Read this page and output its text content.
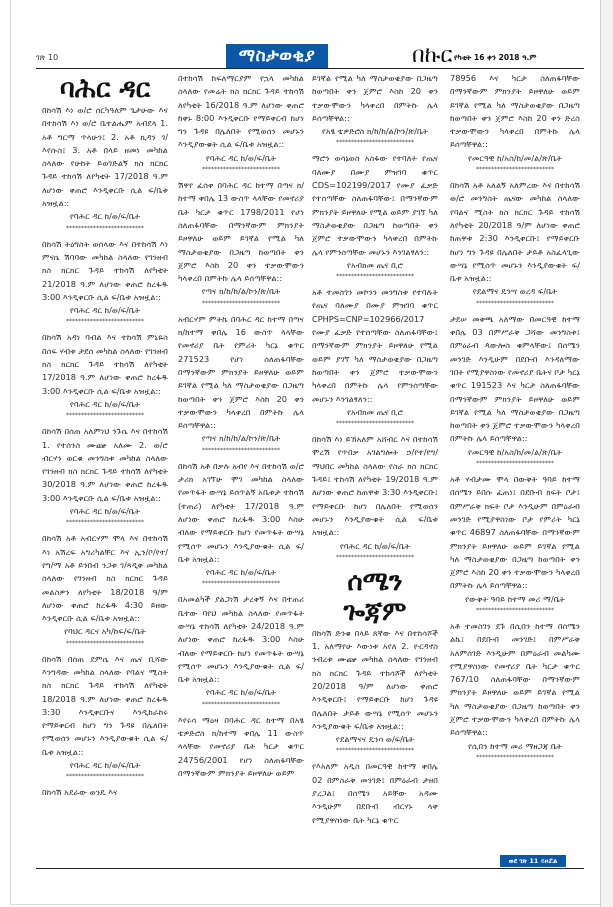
ገጽ 10	ማስታወቂያ	በኩር የካቲት 16 ቀን 2018 ዓ.ም
ባሕር ዳር

በከሳሽ እነ ወ/ሮ ሰርካዓለም ጌታሁው እና በተከሳሽ እነ ወ/ሮ ቤተልሔም አብደላ 1. አቶ ግርማ ጥላሁን፤ 2. አቶ ኪዳን ገ/እየሱስ፤ 3. አቶ በላይ ዘመነ መካከል ስላለው የሁከት ይወገድልኝ ክስ ክርክር ጉዳይ ተከሳሽ ለየካቲት 17/2018 ዓ.ም ለሆነው ቀጠሮ እንዲቀርቡ ሲል ፍ/ቤቱ አዝዟል::

የባሕር ዳር ከ/ወ/ፍ/ቤት
**************************

በከሳሽ ትዕግስት ወሰላው እና በተከሳሽ እነ ምናሴ ሽባባው መካከል ስላለው የገንዘብ ክስ ክርክር ጉዳይ ተከሳሽ ለየካቲት 21/2018 ዓ.ም ለሆነው ቀጠሮ ከረፋዱ 3:00 እንዲቀርቡ ሲል ፍ/ቤቱ አዝዟል::

የባሕር ዳር ከ/ወ/ፍ/ቤት
**************************

በከሳሽ አዳነ ባብል እና ተከሳሽ ምኒዬስ በሰፍ ሃብቱ ታደሰ መካከል ስላለው የገንዘብ ክስ ክርክር ጉዳይ ተከሳሽ ለየካቲት 17/2018 ዓ.ም ለሆነው ቀጠሮ ከረፋዱ 3:00 እንዲቀርቡ ሲል ፍ/ቤቱ አዝዟል::

የባሕር ዳር ከ/ወ/ፍ/ቤት
**************************

በከሳሽ በሰጠ አለምነህ ንጉሴ እና በተከሳሽ 1. የተሰንስ ሙጬ አለሙ 2. ወ/ሮ ብርሃን ወርቁ መንግስቱ መካከል ስላለው የገንዘብ ክስ ክርክር ጉዳይ ተከሳሽ ለየካቲት 30/2018 ዓ.ም ለሆነው ቀጠሮ ከረፋዱ 3:00 እንዲቀርቡ ሲል ፍ/ቤቱ አዝዟል::

የባሕር ዳር ከ/ወ/ፍ/ቤት
**************************

በከሳሽ አቶ አብርሃም ሞላ እና በተከሳሽ እነ አሽረፍ አግሪካልቸር እና ኢን/ቦ/የተ/የግ/ማ አቶ ይንበብ ንጋቱ ገ/ጻዲቅ መካከል ስላለው የገንዘብ ክስ ክርክር ጉዳይ መልስዎን ለየካቲት 18/2018 ዓ/ም ለሆነው ቀጠሮ ከረፋዱ 4:30 ይዘው እንዲቀርቡ ሲል ፍ/ቤቱ አዝዟል::

የባህር ዳርና አካ/ከፍ/ፍ/ቤት
**************************

በከሳሽ በሰጠ ደምሴ እና ጤና ቢሻው እንግዳው መካከል ስላለው የባልና ሚስት ክስ ክርክር ጉዳይ ተከሳሽ ለየካቲት 18/2018 ዓ.ም ለሆነው ቀጠሮ ከረፋዱ 3:30 እንዲቀርቡና እንዲከራከሩ የማይቀርብ ከሆነ ግን ጉዳዩ በሌለበት የሚወሰን መሆኑን እንዲያውቁት ሲል ፍ/ቤቱ አዝዟል::

የባሕር ዳር ከ/ወ/ፍ/ቤት
**************************

በከሳሽ አደራው ወንዴ እና

በተከሳሽ ከፍለማርያም የኋላ መካከል ስላለው የመሬት ክስ ክርክር ጉዳይ ተከሳሽ ለየካቲት 16/2018 ዓ.ም ለሆነው ቀጠሮ ከቀኑ 8:00 እንዲቀርቡ የማይቀርብ ከሆነ ግን ጉዳዩ በሌለበት የሚወሰን መሆኑን እንዲያውቁት ሲል ፍ/ቤቱ አዝዟል::

የባሕር ዳር ከ/ወ/ፍ/ቤት
**************************

ሽዋየ ፈሰቀ በባሕር ዳር ከተማ በጣና ክ/ከተማ ቀበሌ 13 ውስጥ ላላቸው የመኖሪያ ቤት ካርታ ቁጥር 1798/2011 የሆነ ስለጠፋባቸው በማንኛውም ምክንያት ይዞዋለሁ ወይም ይገኛል የሚል ካለ ማስታወቂያው በጋዜጣ ከወጣበት ቀን ጀምሮ እስከ 20 ቀን ተቃውሞውን ካላቀረበ በምትኩ ሌላ ይሰጣቸዋል::

የጣና ክ/ከ/ከ/ል/ኮን/ጽ/ቤት
**************************

አብርሃም ምትኬ በባሕር ዳር ከተማ በጣና ክ/ከተማ ቀበሌ 16 ውስጥ ላላቸው የመኖሪያ ቤት የምሪት ካርኔ ቁጥር 271523 የሆነ ስለጠፋባቸው በማንኛውም ምክንያት ይዞዋለሁ ወይም ይገኛል የሚል ካለ ማስታወቂያው በጋዜጣ ከወጣበት ቀን ጀምሮ እስከ 20 ቀን ተቃውሞውን ካላቀረበ በምትኩ ሌላ ይሰጣቸዋል::

የጣና ክ/ከ/ከ/ል/ኮን/ጽ/ቤት
**************************

በከሳሽ አቶ በቃሉ አብየ እና በተከሳሽ ወ/ሮ ታሪክ አገኘሁ ሞገ መካከል ስላለው የመጥፋት ውሣኔ ይሰጥልኝ አቤቱታ ተከሳሽ (ተጠሪ) ለየካቲት 17/2018 ዓ.ም ለሆነው ቀጠሮ ከረፋዱ 3:00 እስሁ ብለው የማይቀርቡ ከሆነ የመጥፋት ውሣኔ የሚሰጥ መሆኑን እንዲያውቁት ሲል ፍ/ቤቱ አዝዟል::

የባሕር ዳር ከ/ወ/ፍ/ቤት
**************************

በአመልካች ያልጋነሽ ታረቀኝ እና በተጠሪ ቤተው ባየህ መካከል ስላለው የመጥፋት ውሣኔ ተከሳሽ ለየካቲት 24/2018 ዓ.ም ለሆነው ቀጠሮ ከረፋዱ 3:00 እስሁ ብለው የማይቀርቡ ከሆነ የመጥፋት ውሣኔ የሚሰጥ መሆኑን እንዲያውቁት ሲል ፍ/ቤቱ አዝዟል::

የባሕር ዳር ከ/ወ/ፍ/ቤት
**************************

እየሩሳ ማዕዛ በባሕር ዳር ከተማ በአፄ ቴዎድሮስ ክ/ከተማ ቀበሌ 11 ውስጥ ላላቸው የመኖሪያ ቤት ካርታ ቁጥር 24756/2001 የሆነ ስለጠፋባቸው በማንኛውም ምክንያት ይዞዋለሁ ወይም

ይገኛል የሚል ካለ ማስታወቂያው በጋዜጣ ከወጣበት ቀን ጀምሮ እስከ 20 ቀን ተቃውሞውን ካላቀረበ በምትኩ ሌላ ይሰጣቸዋል::

የአፄ ቴዎድሮስ ክ/ከ/ከ/ል/ኮን/ጽ/ቤት
**************************

ማሮን ወሳኔወስ አስፋው የተባለት የጤና ባለሙያ በሙያ ምዝገባ ቁጥር CDS=102199/2017 የሙያ ፈቃድ የተሰጣቸው ስለጠፋባቸው፤ በማንኛውም ምክንያት ይዞዋለሁ የሚል ወይም ያገኘ ካለ ማስታወቂያው በጋዜጣ ከወጣበት ቀን ጀምሮ ተቃውሞውን ካላቀረበ በምትኩ ሌላ የምንሰጣቸው መሆኑን እንገልፃለን::

የአብክመ ጤና ቢሮ
**************************

አቶ ተመስገን መኮንን መንግስቱ የተባሉት የጤና ባለሙያ በሙያ ምዝገባ ቁጥር CPHPS=CNP=102966/2017 የሙያ ፈቃድ የተሰጣቸው ስለጠፋባቸው፤ በማንኛውም ምክንያት ይዞዋለሁ የሚል ወይም ያገኘ ካለ ማስታወቂያው በጋዜጣ ከወጣበት ቀን ጀምሮ ተቃውሞውን ካላቀረበ በምትኩ ሌላ የምንሰጣቸው መሆኑን እንገልፃለን::

የአብክመ ጤና ቢሮ
**************************

በከሳሽ እነ ይኸአለም አሸብር እና በተከሳሽ ሞረሽ የጥበቃ አገልግሎት ኃ/የተ/የግ/ማህበር መካከል ስላለው የስራ ክስ ክርክር ጉዳይ፤ ተከሳሽ ለየካቲት 19/2018 ዓ.ም ለሆነው ቀጠሮ ከጠዋቱ 3:30 እንዲቀርቡ፤ የማይቀርቡ ከሆነ በሌለበት የሚወሰን መሆኑን እንዲያውቁት ሲል ፍ/ቤቱ አዝዟል::

የባሕር ዳር ከ/ወ/ፍ/ቤት
**************************
ሰሜን ጐጃም

በከሳሽ ድንቁ በላይ ጸኛው እና በተከሳሾች 1. አለማየሁ እውነቱ አየለ 2. ዮርዳኖስ ንብረቱ ሙጬ መካከል ስላለው የገንዘብ ክስ ክርክር ጉዳይ ተከሳሾች ለየካቲት 20/2018 ዓ/ም ለሆነው ቀጠሮ እንዲቀርቡ፤ የማይቀርቡ ከሆነ ጉዳዩ በሌለበት ታይቶ ውሣኔ የሚሰጥ መሆኑን እንዲያውቁት ፍ/ቤቱ አዝዟል::

የደልማናና ዴንሳ ወ/ፍ/ቤት
**************************

የእአለም አዲስ በመርዓዊ ከተማ ቀበሌ 02 በምስራቅ መንገድ፤ በምዕራብ ታዘበ ያረጋል፤ በሰሜን አይቸው አዳሙ እንዲሁም በደቡብ ብርሃኑ ላቀ የሚያዋስነው ቤት ካርኔ ቁጥር

78956 እና ካርታ ስለጠፋባቸው በማንኛውም ምክንያት ይዞዋለሁ ወይም ይገኛል የሚል ካለ ማስታወቂያው በጋዜጣ ከወጣበት ቀን ጀምሮ እስከ 20 ቀን ድረስ ተቃውሞውን ካላቀረበ በምትኩ ሌላ ይሰጣቸዋል::

የመርዓዊ ከ/አስ/ከ/መ/ል/ጽ/ቤት
**************************

በከሳሽ አቶ አለልኝ አለምረው እና በተከሳሽ ወ/ሮ መንግስት ጤናው መካከል ስላለው የባልና ሚስት ክስ ክርክር ጉዳይ ተከሳሽ ለየካቲት 20/2018 ዓ/ም ለሆነው ቀጠሮ ከጠዋቱ 2:30 እንዲቀርቡ፤ የማይቀርቡ ከሆነ ግን ጉዳዩ በሌለበት ታይቶ አስፈላጊው ውሣኔ የሚሰጥ መሆኑን እንዲያውቁት ፍ/ቤቱ አዝዟል::

የደልማና ዴንሣ ወረዳ ፍ/ቤት
**************************

ታደሠ መቅጫ አለማው በመርዓዊ ከተማ ቀበሌ 03 በምሥራቅ ጋሻው መንግስቱ፤ በምዕራብ ጳውሎስ ቁምላቸው፤ በሰሜን መንገድ እንዲሁም በደቡብ እንዳለማው ገበት የሚያዋስነው የመኖሪያ ቤትና ቦታ ካርኔ ቁጥር 191523 እና ካርታ ስለጠፋባቸው በማንኛውም ምክንያት ይዞዋለሁ ወይም ይገኛል የሚል ካለ ማስታወቂያው በጋዜጣ ከወጣበት ቀን ጀምሮ ተቃውሞውን ካላቀረበ በምትኩ ሌላ ይሰጣቸዋል::

የመርዓዊ ከ/አስ/ከ/መ/ል/ጽ/ቤት
**************************

አቶ ሃብታሙ ሞላ በውቅት ዓባይ ከተማ በሰሜን ይበሱ ፈጠነ፤ በደቡብ ክፍት ቦታ፤ በምሥራቅ ክፍት ቦታ እንዲሁም በምዕራብ መንገድ የሚያዋስነው ቦታ የምሪት ካርኔ ቁጥር 46897 ስለጠፋባቸው በማንኛውም ምክንያት ይዞዋለሁ ወይም ይገኛል የሚል ካለ ማስታወቂያው በጋዜጣ ከወጣበት ቀን ጀምሮ እስከ 20 ቀን ተቃውሞውን ካላቀረበ በምትኩ ሌላ ይሰጣቸዋል::

የውቅት ዓባይ ከተማ መሪ ማ/ቤት
**************************

አቶ ተመስገን ደጉ በሲበን ከተማ በሰሜን ልኬ፤ በደቡብ መንገድ፤ በምሥራቅ አለምሰገድ እንዲሁም በምዕራብ መልካሙ የሚያዋስነው የመኖሪያ ቤት ካርታ ቁጥር 767/10 ስለጠፋባቸው በማንኛውም ምክንያት ይዞዋለሁ ወይም ይገኛል የሚል ካለ ማስታወቂያው በጋዜጣ ከወጣበት ቀን ጀምሮ ተቃውሞውን ካላቀረበ በምትኩ ሌላ ይሰጣቸዋል::

የሲበን ከተማ መሪ ማዘጋጃ ቤት
**************************
ወደ ገጽ 11 ይዞሯል
